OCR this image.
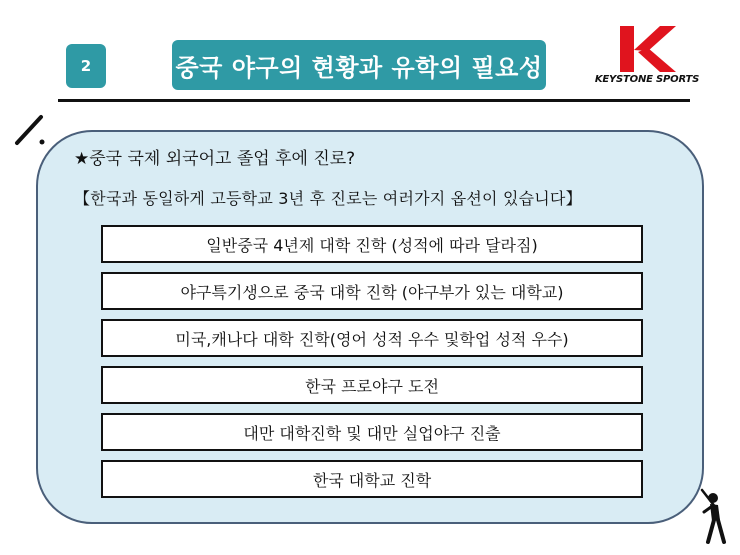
2	중국 야구의 현황과 유학의 필요성	KEYSTONE SPORTS
★중국 국제 외국어고 졸업 후에 진로?
【한국과 동일하게 고등학교 3년 후 진로는 여러가지 옵션이 있습니다】
일반중국 4년제 대학 진학 (성적에 따라 달라짐)
야구특기생으로 중국 대학 진학 (야구부가 있는 대학교)
미국,캐나다 대학 진학(영어 성적 우수 및학업 성적 우수)
한국 프로야구 도전
대만 대학진학 및 대만 실업야구 진출
한국 대학교 진학
